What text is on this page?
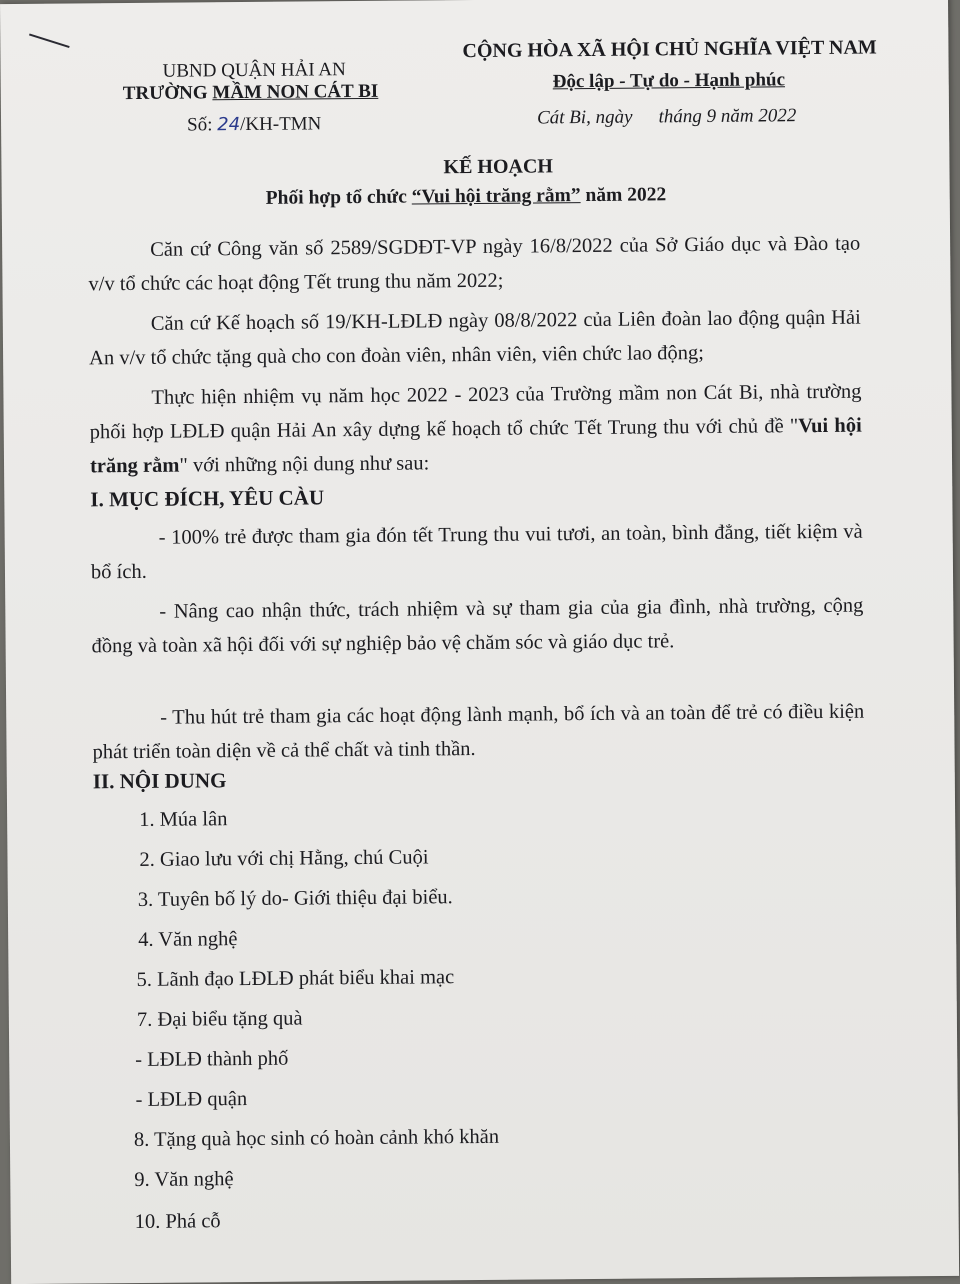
UBND QUẬN HẢI AN
TRƯỜNG MẦM NON CÁT BI
Số: 24/KH-TMN
CỘNG HÒA XÃ HỘI CHỦ NGHĨA VIỆT NAM
Độc lập - Tự do - Hạnh phúc
Cát Bi, ngày tháng 9 năm 2022
KẾ HOẠCH
Phối hợp tổ chức “Vui hội trăng rằm” năm 2022

Căn cứ Công văn số 2589/SGDĐT-VP ngày 16/8/2022 của Sở Giáo dục và Đào tạo v/v tổ chức các hoạt động Tết trung thu năm 2022;

Căn cứ Kế hoạch số 19/KH-LĐLĐ ngày 08/8/2022 của Liên đoàn lao động quận Hải An v/v tổ chức tặng quà cho con đoàn viên, nhân viên, viên chức lao động;

Thực hiện nhiệm vụ năm học 2022 - 2023 của Trường mầm non Cát Bi, nhà trường phối hợp LĐLĐ quận Hải An xây dựng kế hoạch tổ chức Tết Trung thu với chủ đề "Vui hội trăng rằm" với những nội dung như sau:

I. MỤC ĐÍCH, YÊU CÀU

- 100% trẻ được tham gia đón tết Trung thu vui tươi, an toàn, bình đẳng, tiết kiệm và bổ ích.

- Nâng cao nhận thức, trách nhiệm và sự tham gia của gia đình, nhà trường, cộng đồng và toàn xã hội đối với sự nghiệp bảo vệ chăm sóc và giáo dục trẻ.

- Thu hút trẻ tham gia các hoạt động lành mạnh, bổ ích và an toàn để trẻ có điều kiện phát triển toàn diện về cả thể chất và tinh thần.

II. NỘI DUNG
1. Múa lân
2. Giao lưu với chị Hằng, chú Cuội
3. Tuyên bố lý do- Giới thiệu đại biểu.
4. Văn nghệ
5. Lãnh đạo LĐLĐ phát biểu khai mạc
7. Đại biểu tặng quà
- LĐLĐ thành phố
- LĐLĐ quận
8. Tặng quà học sinh có hoàn cảnh khó khăn
9. Văn nghệ
10. Phá cỗ
